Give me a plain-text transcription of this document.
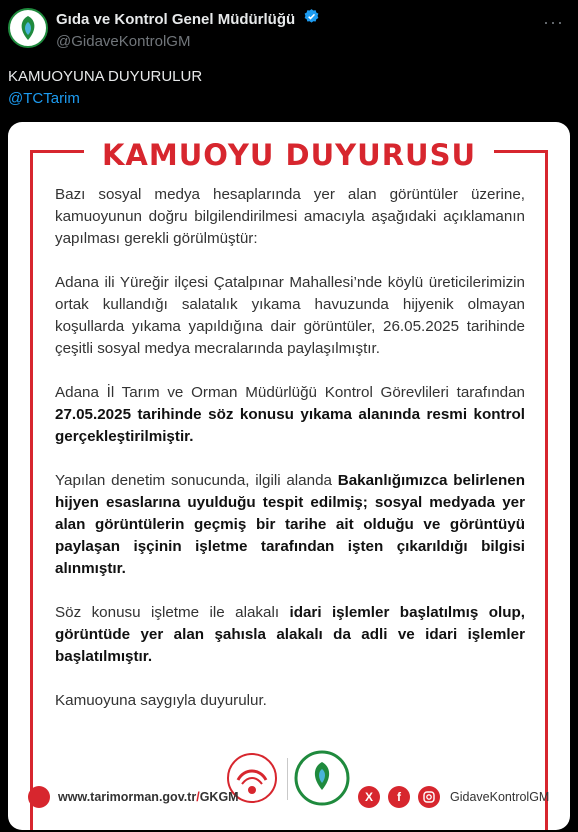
Gıda ve Kontrol Genel Müdürlüğü
@GidaveKontrolGM
···
KAMUOYUNA DUYURULUR
@TCTarim
KAMUOYU DUYURUSU

Bazı sosyal medya hesaplarında yer alan görüntüler üzerine, kamuoyunun doğru bilgilendirilmesi amacıyla aşağıdaki açıklamanın yapılması gerekli görülmüştür:

Adana ili Yüreğir ilçesi Çatalpınar Mahallesi’nde köylü üreticilerimizin ortak kullandığı salatalık yıkama havuzunda hijyenik olmayan koşullarda yıkama yapıldığına dair görüntüler, 26.05.2025 tarihinde çeşitli sosyal medya mecralarında paylaşılmıştır.

Adana İl Tarım ve Orman Müdürlüğü Kontrol Görevlileri tarafından 27.05.2025 tarihinde söz konusu yıkama alanında resmi kontrol gerçekleştirilmiştir.

Yapılan denetim sonucunda, ilgili alanda Bakanlığımızca belirlenen hijyen esaslarına uyulduğu tespit edilmiş; sosyal medyada yer alan görüntülerin geçmiş bir tarihe ait olduğu ve görüntüyü paylaşan işçinin işletme tarafından işten çıkarıldığı bilgisi alınmıştır.

Söz konusu işletme ile alakalı idari işlemler başlatılmış olup, görüntüde yer alan şahısla alakalı da adli ve idari işlemler başlatılmıştır.

Kamuoyuna saygıyla duyurulur.

www.tarimorman.gov.tr/GKGM	X	f	GidaveKontrolGM
